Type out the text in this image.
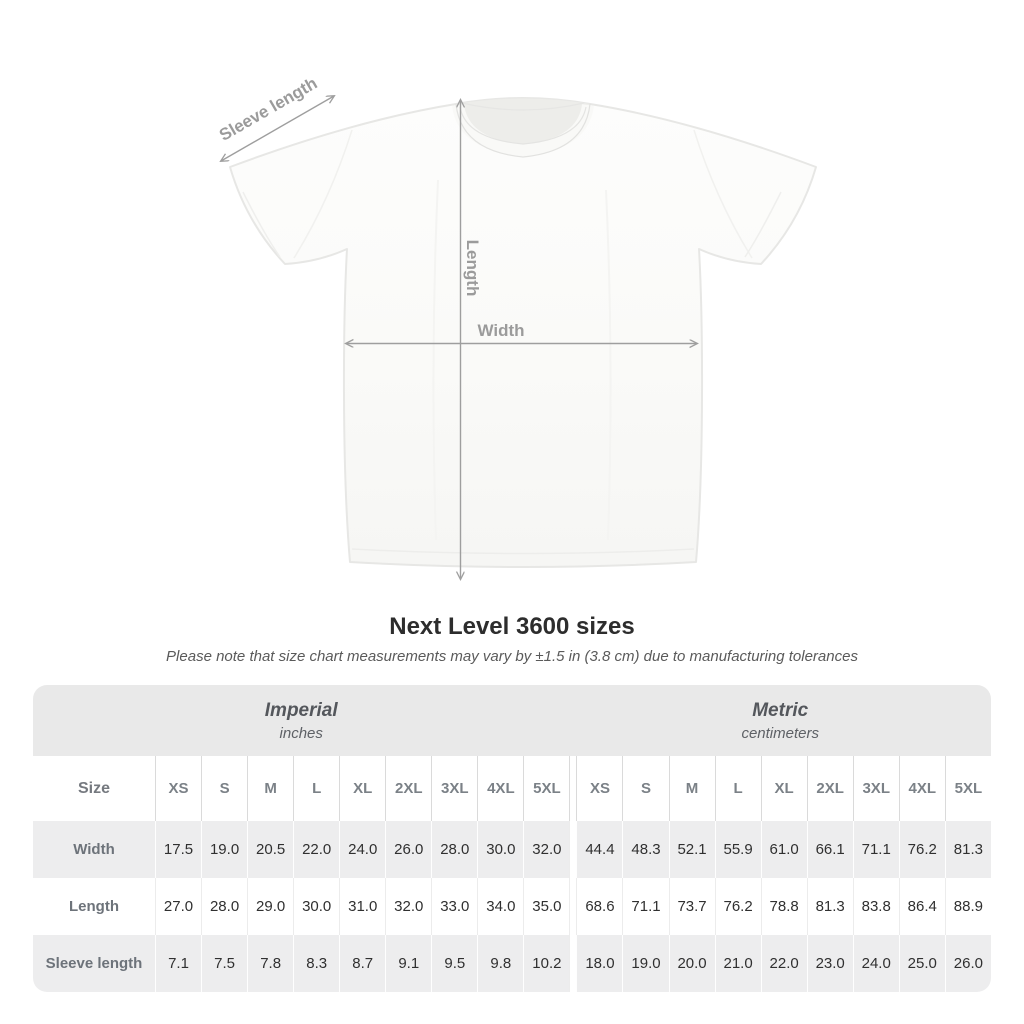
Sleeve length
Length
Width
Next Level 3600 sizes

Please note that size chart measurements may vary by ±1.5 in (3.8 cm) due to manufacturing tolerances

Imperial
inches

Metric
centimeters

Size	XS	S	M	L	XL	2XL	3XL	4XL	5XL		XS	S	M	L	XL	2XL	3XL	4XL	5XL
Width	17.5	19.0	20.5	22.0	24.0	26.0	28.0	30.0	32.0		44.4	48.3	52.1	55.9	61.0	66.1	71.1	76.2	81.3
Length	27.0	28.0	29.0	30.0	31.0	32.0	33.0	34.0	35.0		68.6	71.1	73.7	76.2	78.8	81.3	83.8	86.4	88.9
Sleeve length	7.1	7.5	7.8	8.3	8.7	9.1	9.5	9.8	10.2		18.0	19.0	20.0	21.0	22.0	23.0	24.0	25.0	26.0
